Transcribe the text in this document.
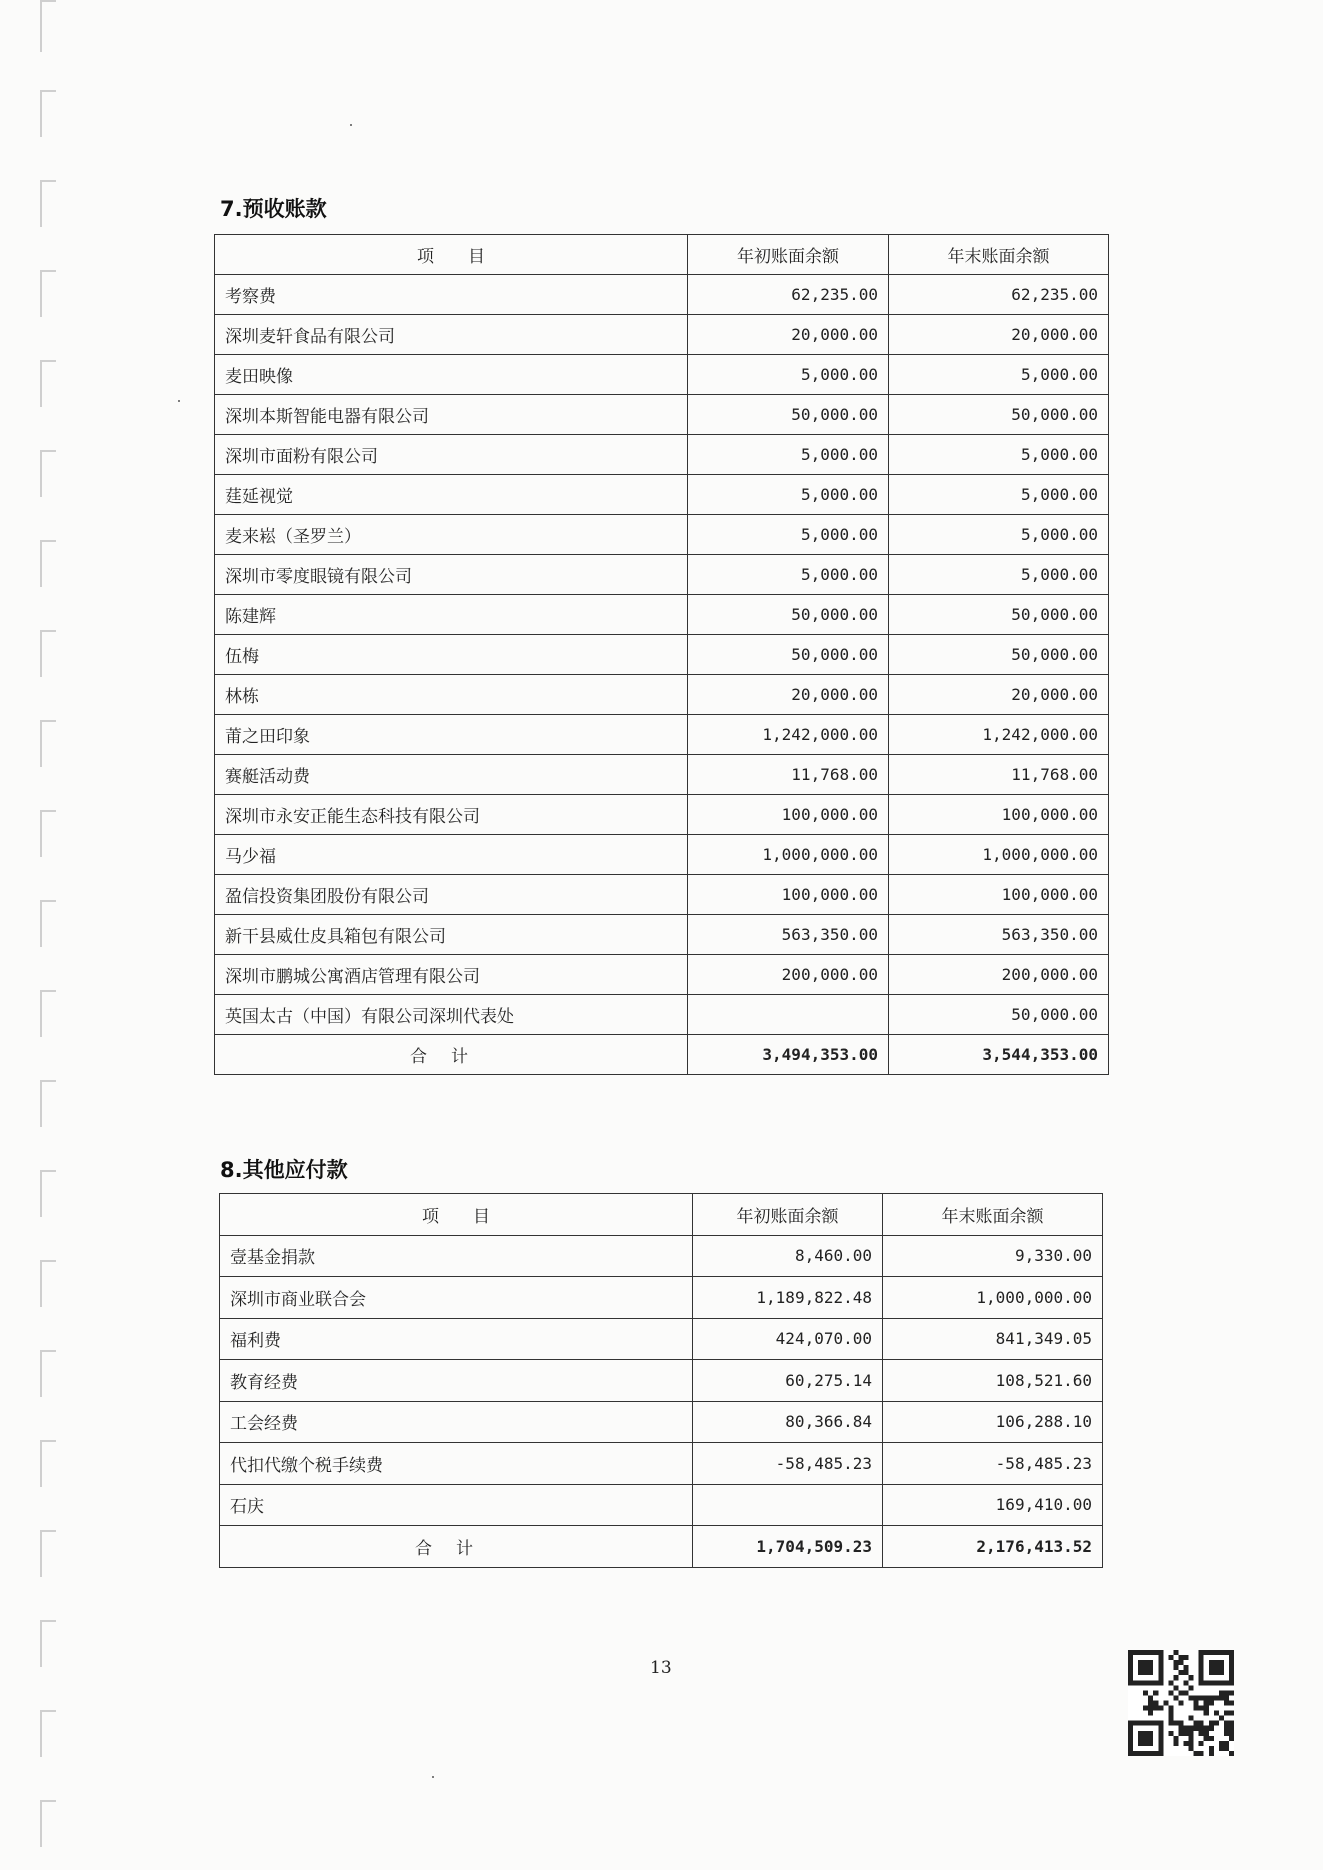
7.预收账款
项　　目	年初账面余额	年末账面余额
考察费	62,235.00	62,235.00
深圳麦轩食品有限公司	20,000.00	20,000.00
麦田映像	5,000.00	5,000.00
深圳本斯智能电器有限公司	50,000.00	50,000.00
深圳市面粉有限公司	5,000.00	5,000.00
莛延视觉	5,000.00	5,000.00
麦来崧（圣罗兰）	5,000.00	5,000.00
深圳市零度眼镜有限公司	5,000.00	5,000.00
陈建辉	50,000.00	50,000.00
伍梅	50,000.00	50,000.00
林栋	20,000.00	20,000.00
莆之田印象	1,242,000.00	1,242,000.00
赛艇活动费	11,768.00	11,768.00
深圳市永安正能生态科技有限公司	100,000.00	100,000.00
马少福	1,000,000.00	1,000,000.00
盈信投资集团股份有限公司	100,000.00	100,000.00
新干县威仕皮具箱包有限公司	563,350.00	563,350.00
深圳市鹏城公寓酒店管理有限公司	200,000.00	200,000.00
英国太古（中国）有限公司深圳代表处		50,000.00
合计	3,494,353.00	3,544,353.00
8.其他应付款
项　　目	年初账面余额	年末账面余额
壹基金捐款	8,460.00	9,330.00
深圳市商业联合会	1,189,822.48	1,000,000.00
福利费	424,070.00	841,349.05
教育经费	60,275.14	108,521.60
工会经费	80,366.84	106,288.10
代扣代缴个税手续费	-58,485.23	-58,485.23
石庆		169,410.00
合计	1,704,509.23	2,176,413.52
13
